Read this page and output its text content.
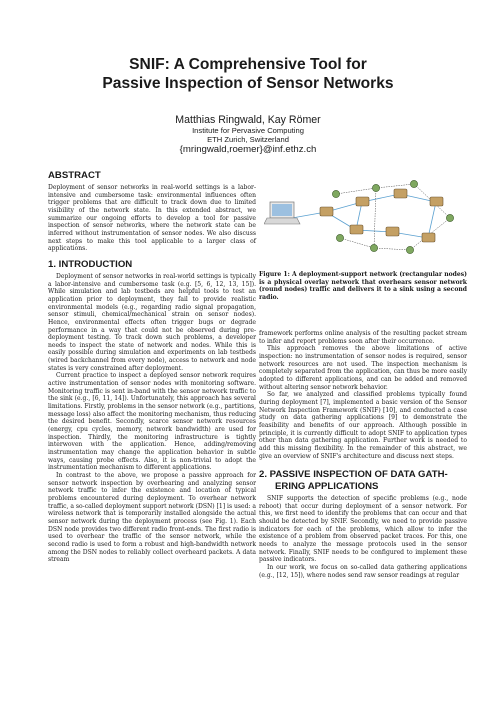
SNIF: A Comprehensive Tool for
Passive Inspection of Sensor Networks
Matthias Ringwald, Kay Römer
Institute for Pervasive Computing
ETH Zurich, Switzerland
{mringwald,roemer}@inf.ethz.ch
ABSTRACT

Deployment of sensor networks in real-world settings is a labor-intensive and cumbersome task: environmental influences often trigger problems that are difficult to track down due to limited visibility of the network state. In this extended abstract, we summarize our ongoing efforts to develop a tool for passive inspection of sensor networks, where the network state can be inferred without instrumentation of sensor nodes. We also discuss next steps to make this tool applicable to a larger class of applications.

1. INTRODUCTION

Deployment of sensor networks in real-world settings is typically a labor-intensive and cumbersome task (e.g. [5, 6, 12, 13, 15]). While simulation and lab testbeds are helpful tools to test an application prior to deployment, they fail to provide realistic environmental models (e.g., regarding radio signal propagation, sensor stimuli, chemical/mechanical strain on sensor nodes). Hence, environmental effects often trigger bugs or degrade performance in a way that could not be observed during pre-deployment testing. To track down such problems, a developer needs to inspect the state of network and nodes. While this is easily possible during simulation and experiments on lab testbeds (wired backchannel from every node), access to network and node states is very constrained after deployment.

Current practice to inspect a deployed sensor network requires active instrumentation of sensor nodes with monitoring software. Monitoring traffic is sent in-band with the sensor network traffic to the sink (e.g., [6, 11, 14]). Unfortunately, this approach has several limitations. Firstly, problems in the sensor network (e.g., partitions, message loss) also affect the monitoring mechanism, thus reducing the desired benefit. Secondly, scarce sensor network resources (energy, cpu cycles, memory, network bandwidth) are used for inspection. Thirdly, the monitoring infrastructure is tightly interwoven with the application. Hence, adding/removing instrumentation may change the application behavior in subtle ways, causing probe effects. Also, it is non-trivial to adopt the instrumentation mechanism to different applications.

In contrast to the above, we propose a passive approach for sensor network inspection by overhearing and analyzing sensor network traffic to infer the existence and location of typical problems encountered during deployment. To overhear network traffic, a so-called deployment support network (DSN) [1] is used: a wireless network that is temporarily installed alongside the actual sensor network during the deployment process (see Fig. 1). Each DSN node provides two different radio front-ends. The first radio is used to overhear the traffic of the sensor network, while the second radio is used to form a robust and high-bandwidth network among the DSN nodes to reliably collect overheard packets. A data stream

Figure 1: A deployment-support network (rectangular nodes) is a physical overlay network that overhears sensor network (round nodes) traffic and delivers it to a sink using a second radio.

framework performs online analysis of the resulting packet stream to infer and report problems soon after their occurrence.

This approach removes the above limitations of active inspection: no instrumentation of sensor nodes is required, sensor network resources are not used. The inspection mechanism is completely separated from the application, can thus be more easily adopted to different applications, and can be added and removed without altering sensor network behavior.

So far, we analyzed and classified problems typically found during deployment [7], implemented a basic version of the Sensor Network Inspection Framework (SNIF) [10], and conducted a case study on data gathering applications [9] to demonstrate the feasibility and benefits of our approach. Although possible in principle, it is currently difficult to adopt SNIF to application types other than data gathering application. Further work is needed to add this missing flexibility. In the remainder of this abstract, we give an overview of SNIF's architecture and discuss next steps.

2. PASSIVE INSPECTION OF DATA GATH-
ERING APPLICATIONS

SNIF supports the detection of specific problems (e.g., node reboot) that occur during deployment of a sensor network. For this, we first need to identify the problems that can occur and that should be detected by SNIF. Secondly, we need to provide passive indicators for each of the problems, which allow to infer the existence of a problem from observed packet traces. For this, one needs to analyze the message protocols used in the sensor network. Finally, SNIF needs to be configured to implement these passive indicators.

In our work, we focus on so-called data gathering applications (e.g., [12, 15]), where nodes send raw sensor readings at regular
